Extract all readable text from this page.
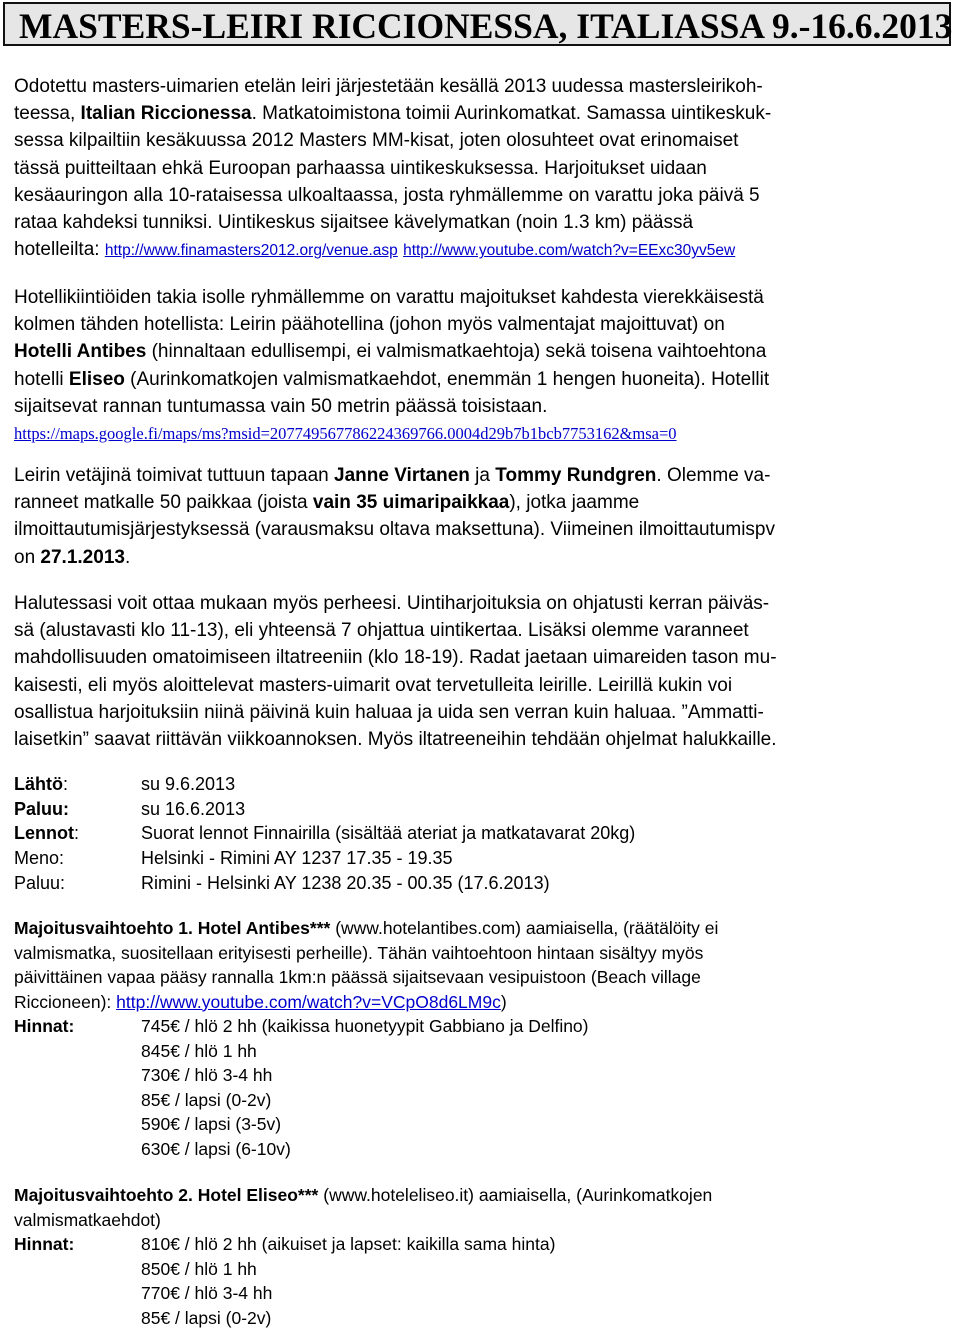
MASTERS-LEIRI RICCIONESSA, ITALIASSA 9.-16.6.2013
Odotettu masters-uimarien etelän leiri järjestetään kesällä 2013 uudessa mastersleirikoh-
teessa, Italian Riccionessa. Matkatoimistona toimii Aurinkomatkat. Samassa uintikeskuk-
sessa kilpailtiin kesäkuussa 2012 Masters MM-kisat, joten olosuhteet ovat erinomaiset
tässä puitteiltaan ehkä Euroopan parhaassa uintikeskuksessa. Harjoitukset uidaan
kesäauringon alla 10-rataisessa ulkoaltaassa, josta ryhmällemme on varattu joka päivä 5
rataa kahdeksi tunniksi. Uintikeskus sijaitsee kävelymatkan (noin 1.3 km) päässä
hotelleilta: http://www.finamasters2012.org/venue.asp http://www.youtube.com/watch?v=EExc30yv5ew
Hotellikiintiöiden takia isolle ryhmällemme on varattu majoitukset kahdesta vierekkäisestä
kolmen tähden hotellista: Leirin päähotellina (johon myös valmentajat majoittuvat) on
Hotelli Antibes (hinnaltaan edullisempi, ei valmismatkaehtoja) sekä toisena vaihtoehtona
hotelli Eliseo (Aurinkomatkojen valmismatkaehdot, enemmän 1 hengen huoneita). Hotellit
sijaitsevat rannan tuntumassa vain 50 metrin päässä toisistaan.
https://maps.google.fi/maps/ms?msid=207749567786224369766.0004d29b7b1bcb7753162&msa=0
Leirin vetäjinä toimivat tuttuun tapaan Janne Virtanen ja Tommy Rundgren. Olemme va-
ranneet matkalle 50 paikkaa (joista vain 35 uimaripaikkaa), jotka jaamme
ilmoittautumisjärjestyksessä (varausmaksu oltava maksettuna). Viimeinen ilmoittautumispv
on 27.1.2013.
Halutessasi voit ottaa mukaan myös perheesi. Uintiharjoituksia on ohjatusti kerran päiväs-
sä (alustavasti klo 11-13), eli yhteensä 7 ohjattua uintikertaa. Lisäksi olemme varanneet
mahdollisuuden omatoimiseen iltatreeniin (klo 18-19). Radat jaetaan uimareiden tason mu-
kaisesti, eli myös aloittelevat masters-uimarit ovat tervetulleita leirille. Leirillä kukin voi
osallistua harjoituksiin niinä päivinä kuin haluaa ja uida sen verran kuin haluaa. ”Ammatti-
laisetkin” saavat riittävän viikkoannoksen. Myös iltatreeneihin tehdään ohjelmat halukkaille.
Lähtö:	su 9.6.2013
Paluu:	su 16.6.2013
Lennot:	Suorat lennot Finnairilla (sisältää ateriat ja matkatavarat 20kg)
Meno:	Helsinki - Rimini AY 1237 17.35 - 19.35
Paluu:	Rimini - Helsinki AY 1238 20.35 - 00.35 (17.6.2013)
Majoitusvaihtoehto 1. Hotel Antibes*** (www.hotelantibes.com) aamiaisella, (räätälöity ei
valmismatka, suositellaan erityisesti perheille). Tähän vaihtoehtoon hintaan sisältyy myös
päivittäinen vapaa pääsy rannalla 1km:n päässä sijaitsevaan vesipuistoon (Beach village
Riccioneen): http://www.youtube.com/watch?v=VCpO8d6LM9c)
Hinnat:	745€ / hlö 2 hh (kaikissa huonetyypit Gabbiano ja Delfino)
845€ / hlö 1 hh
730€ / hlö 3-4 hh
85€ / lapsi (0-2v)
590€ / lapsi (3-5v)
630€ / lapsi (6-10v)
Majoitusvaihtoehto 2. Hotel Eliseo*** (www.hoteleliseo.it) aamiaisella, (Aurinkomatkojen
valmismatkaehdot)
Hinnat:	810€ / hlö 2 hh (aikuiset ja lapset: kaikilla sama hinta)
850€ / hlö 1 hh
770€ / hlö 3-4 hh
85€ / lapsi (0-2v)
